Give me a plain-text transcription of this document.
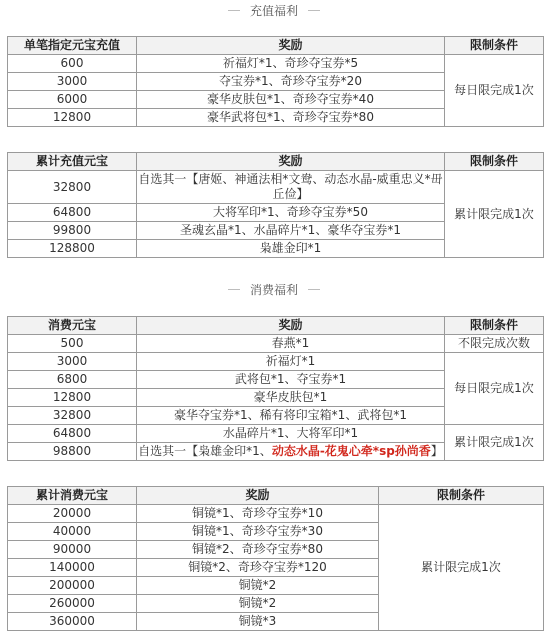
充值福利
单笔指定元宝充值	奖励	限制条件
600	祈福灯*1、奇珍夺宝券*5	每日限完成1次
3000	夺宝券*1、奇珍夺宝券*20	
6000	豪华皮肤包*1、奇珍夺宝券*40	
12800	豪华武将包*1、奇珍夺宝券*80	
累计充值元宝	奖励	限制条件
32800	自选其一【唐姬、神通法相*文鸯、动态水晶-威重忠义*毌丘俭】	累计限完成1次
64800	大将军印*1、奇珍夺宝券*50	
99800	圣魂玄晶*1、水晶碎片*1、豪华夺宝券*1	
128800	枭雄金印*1	
消费福利
消费元宝	奖励	限制条件
500	春燕*1	不限完成次数
3000	祈福灯*1	每日限完成1次
6800	武将包*1、夺宝券*1	
12800	豪华皮肤包*1	
32800	豪华夺宝券*1、稀有将印宝箱*1、武将包*1	
64800	水晶碎片*1、大将军印*1	累计限完成1次
98800	自选其一【枭雄金印*1、动态水晶-花鬼心牵*sp孙尚香】	
累计消费元宝	奖励	限制条件
20000	铜镜*1、奇珍夺宝券*10	累计限完成1次
40000	铜镜*1、奇珍夺宝券*30	
90000	铜镜*2、奇珍夺宝券*80	
140000	铜镜*2、奇珍夺宝券*120	
200000	铜镜*2	
260000	铜镜*2	
360000	铜镜*3	
